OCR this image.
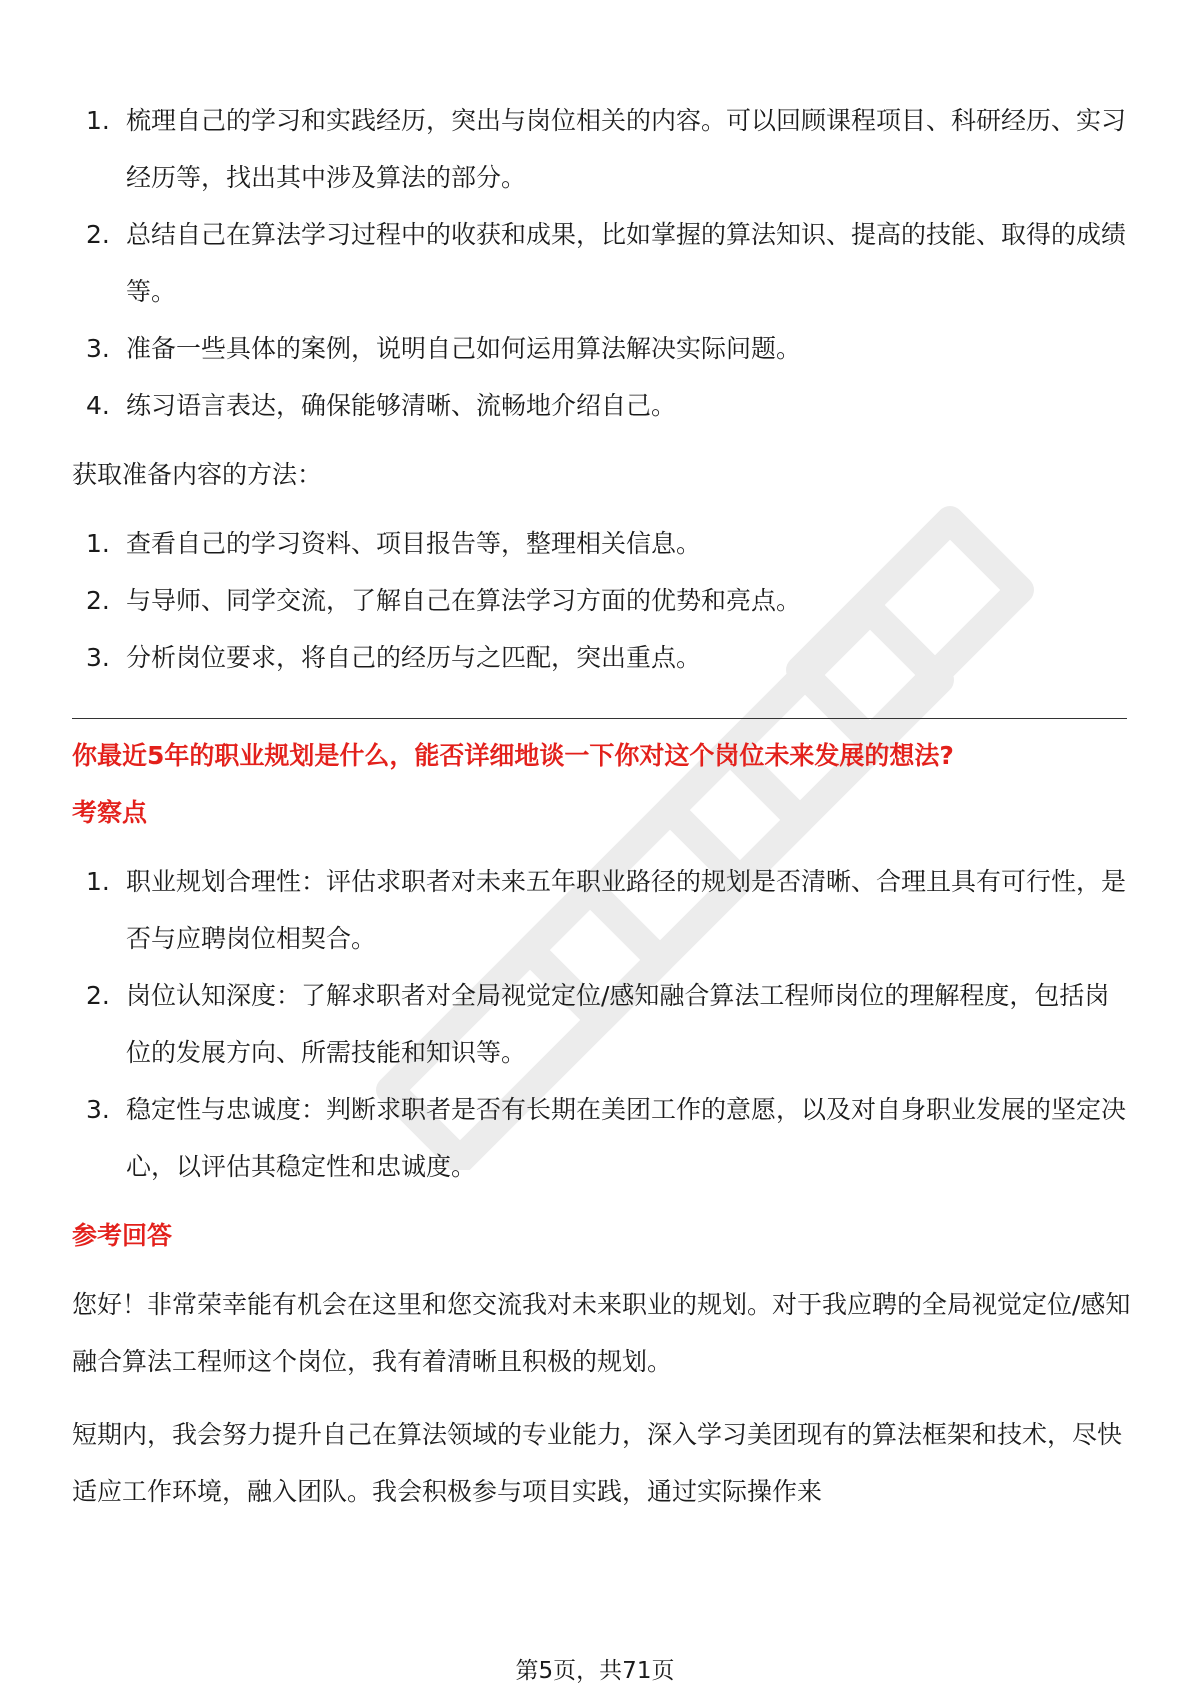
1. 梳理自己的学习和实践经历，突出与岗位相关的内容。可以回顾课程项目、科研经历、实习经历等，找出其中涉及算法的部分。
2. 总结自己在算法学习过程中的收获和成果，比如掌握的算法知识、提高的技能、取得的成绩等。
3. 准备一些具体的案例，说明自己如何运用算法解决实际问题。
4. 练习语言表达，确保能够清晰、流畅地介绍自己。

获取准备内容的方法：

1. 查看自己的学习资料、项目报告等，整理相关信息。
2. 与导师、同学交流，了解自己在算法学习方面的优势和亮点。
3. 分析岗位要求，将自己的经历与之匹配，突出重点。

你最近5年的职业规划是什么，能否详细地谈一下你对这个岗位未来发展的想法?

考察点

1. 职业规划合理性：评估求职者对未来五年职业路径的规划是否清晰、合理且具有可行性，是否与应聘岗位相契合。
2. 岗位认知深度：了解求职者对全局视觉定位/感知融合算法工程师岗位的理解程度，包括岗位的发展方向、所需技能和知识等。
3. 稳定性与忠诚度：判断求职者是否有长期在美团工作的意愿，以及对自身职业发展的坚定决心，以评估其稳定性和忠诚度。

参考回答

您好！非常荣幸能有机会在这里和您交流我对未来职业的规划。对于我应聘的全局视觉定位/感知融合算法工程师这个岗位，我有着清晰且积极的规划。

短期内，我会努力提升自己在算法领域的专业能力，深入学习美团现有的算法框架和技术，尽快适应工作环境，融入团队。我会积极参与项目实践，通过实际操作来

第5页，共71页
